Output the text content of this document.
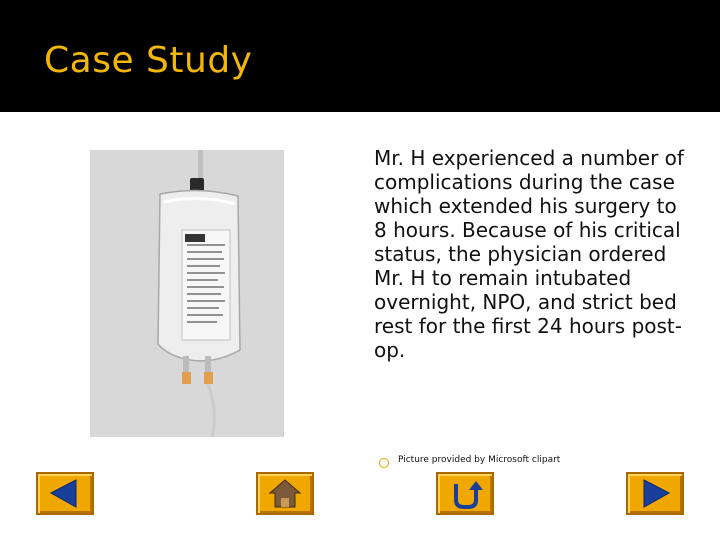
Case Study
Mr. H experienced a number of complications during the case which extended his surgery to 8 hours. Because of his critical status, the physician ordered Mr. H to remain intubated overnight, NPO, and strict bed rest for the first 24 hours post-op.
Picture provided by Microsoft clipart
